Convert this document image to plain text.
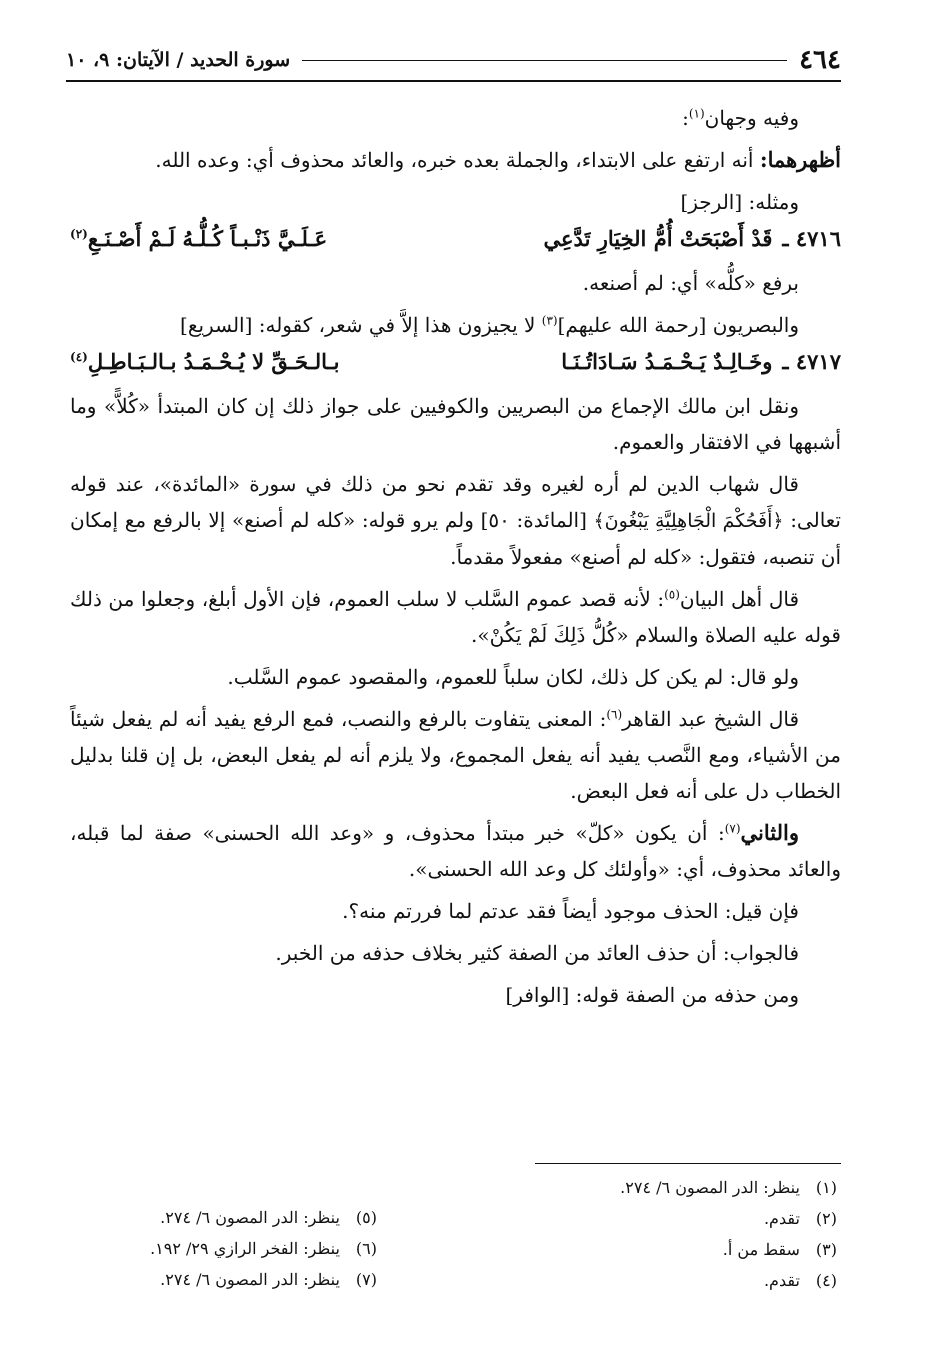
٤٦٤
سورة الحديد / الآيتان: ٩، ١٠

وفيه وجهان$^{(١)}$:

أظهرهما: أنه ارتفع على الابتداء، والجملة بعده خبره، والعائد محذوف أي: وعده الله.

ومثله: [الرجز]

٤٧١٦ ـ
قَدْ أَصْبَحَتْ أُمُّ الخِيَارِ تَدَّعِي
عَـلَـيَّ ذَنْـبـاً كُـلُّـهُ لَـمْ أَصْـنَـعِ$^{(٢)}$

برفع «كلُّه» أي: لم أصنعه.

والبصريون [رحمة الله عليهم]$^{(٣)}$ لا يجيزون هذا إلاَّ في شعر، كقوله: [السريع]

٤٧١٧ ـ
وخَـالِـدٌ يَـحْـمَـدُ سَـادَاتُـنَـا
بـالـحَـقِّ لا يُـحْـمَـدُ بـالـبَـاطِـلِ$^{(٤)}$

ونقل ابن مالك الإجماع من البصريين والكوفيين على جواز ذلك إن كان المبتدأ «كُلاًّ» وما أشبهها في الافتقار والعموم.

قال شهاب الدين لم أره لغيره وقد تقدم نحو من ذلك في سورة «المائدة»، عند قوله تعالى: ﴿أَفَحُكْمَ الْجَاهِلِيَّةِ يَبْغُونَ﴾ [المائدة: ٥٠] ولم يرو قوله: «كله لم أصنع» إلا بالرفع مع إمكان أن تنصبه، فتقول: «كله لم أصنع» مفعولاً مقدماً.

قال أهل البيان$^{(٥)}$: لأنه قصد عموم السَّلب لا سلب العموم، فإن الأول أبلغ، وجعلوا من ذلك قوله عليه الصلاة والسلام «كُلُّ ذَلِكَ لَمْ يَكُنْ».

ولو قال: لم يكن كل ذلك، لكان سلباً للعموم، والمقصود عموم السَّلب.

قال الشيخ عبد القاهر$^{(٦)}$: المعنى يتفاوت بالرفع والنصب، فمع الرفع يفيد أنه لم يفعل شيئاً من الأشياء، ومع النَّصب يفيد أنه يفعل المجموع، ولا يلزم أنه لم يفعل البعض، بل إن قلنا بدليل الخطاب دل على أنه فعل البعض.

والثاني$^{(٧)}$: أن يكون «كلّ» خبر مبتدأ محذوف، و «وعد الله الحسنى» صفة لما قبله، والعائد محذوف، أي: «وأولئك كل وعد الله الحسنى».

فإن قيل: الحذف موجود أيضاً فقد عدتم لما فررتم منه؟.

فالجواب: أن حذف العائد من الصفة كثير بخلاف حذفه من الخبر.

ومن حذفه من الصفة قوله: [الوافر]

(١) ينظر: الدر المصون ٦/ ٢٧٤.
(٢) تقدم.
(٣) سقط من أ.
(٤) تقدم.
(٥) ينظر: الدر المصون ٦/ ٢٧٤.
(٦) ينظر: الفخر الرازي ٢٩/ ١٩٢.
(٧) ينظر: الدر المصون ٦/ ٢٧٤.
